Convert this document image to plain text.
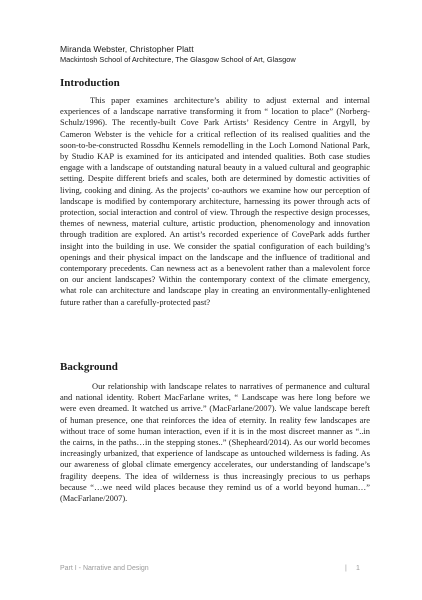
Miranda Webster, Christopher Platt
Mackintosh School of Architecture, The Glasgow School of Art, Glasgow
Introduction

This paper examines architecture’s ability to adjust external and internal experiences of a landscape narrative transforming it from “ location to place” (Norberg-Schulz/1996). The recently-built Cove Park Artists’ Residency Centre in Argyll, by Cameron Webster is the vehicle for a critical reflection of its realised qualities and the soon-to-be-constructed Rossdhu Kennels remodelling in the Loch Lomond National Park, by Studio KAP is examined for its anticipated and intended qualities. Both case studies engage with a landscape of outstanding natural beauty in a valued cultural and geographic setting. Despite different briefs and scales, both are determined by domestic activities of living, cooking and dining. As the projects’ co-authors we examine how our perception of landscape is modified by contemporary architecture, harnessing its power through acts of protection, social interaction and control of view. Through the respective design processes, themes of newness, material culture, artistic production, phenomenology and innovation through tradition are explored. An artist’s recorded experience of CovePark adds further insight into the building in use. We consider the spatial configuration of each building’s openings and their physical impact on the landscape and the influence of traditional and contemporary precedents. Can newness act as a benevolent rather than a malevolent force on our ancient landscapes? Within the contemporary context of the climate emergency, what role can architecture and landscape play in creating an environmentally-enlightened future rather than a carefully-protected past?

Background

Our relationship with landscape relates to narratives of permanence and cultural and national identity. Robert MacFarlane writes, “ Landscape was here long before we were even dreamed. It watched us arrive.” (MacFarlane/2007). We value landscape bereft of human presence, one that reinforces the idea of eternity. In reality few landscapes are without trace of some human interaction, even if it is in the most discreet manner as “..in the cairns, in the paths…in the stepping stones..” (Shepheard/2014). As our world becomes increasingly urbanized, that experience of landscape as untouched wilderness is fading. As our awareness of global climate emergency accelerates, our understanding of landscape’s fragility deepens. The idea of wilderness is thus increasingly precious to us perhaps because “…we need wild places because they remind us of a world beyond human…” (MacFarlane/2007).

Part I - Narrative and Design	| 1
